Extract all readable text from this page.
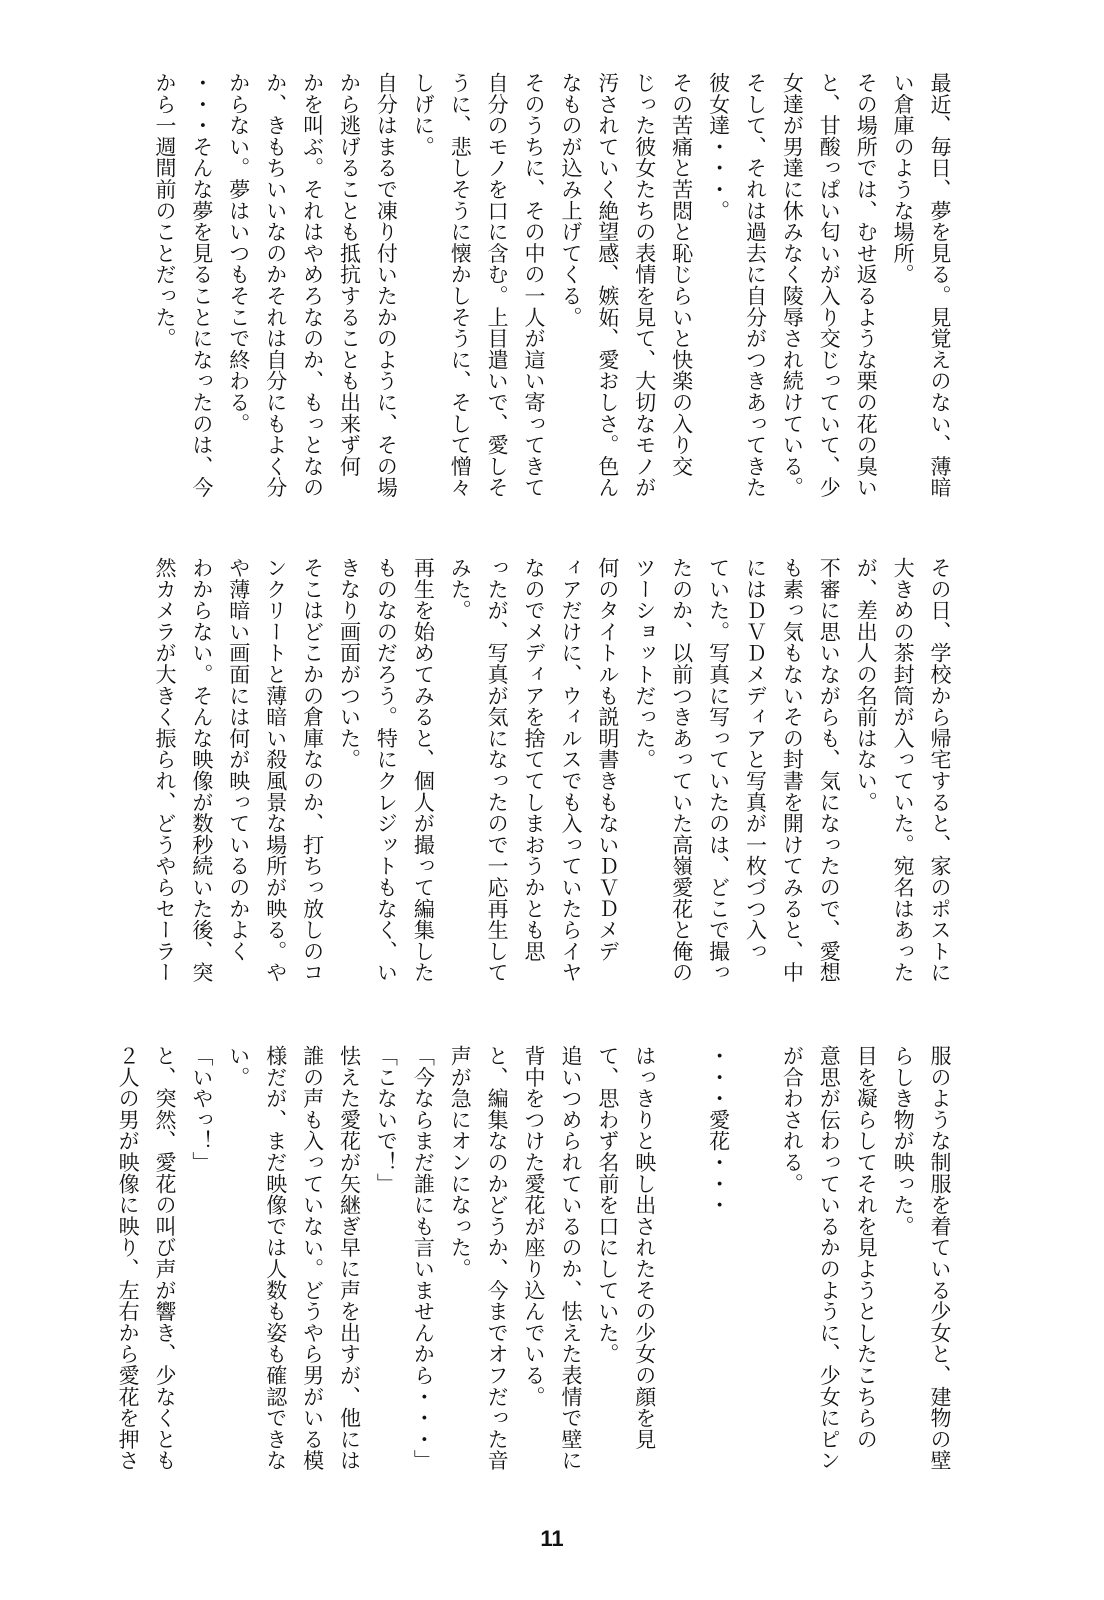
最近、毎日、夢を見る。見覚えのない、薄暗
い倉庫のような場所。
その場所では、むせ返るような栗の花の臭い
と、甘酸っぱい匂いが入り交じっていて、少
女達が男達に休みなく陵辱され続けている。
そして、それは過去に自分がつきあってきた
彼女達・・・。
その苦痛と苦悶と恥じらいと快楽の入り交
じった彼女たちの表情を見て、大切なモノが
汚されていく絶望感、嫉妬、愛おしさ。色ん
なものが込み上げてくる。
そのうちに、その中の一人が這い寄ってきて
自分のモノを口に含む。上目遣いで、愛しそ
うに、悲しそうに懐かしそうに、そして憎々
しげに。
自分はまるで凍り付いたかのように、その場
から逃げることも抵抗することも出来ず何
かを叫ぶ。それはやめろなのか、もっとなの
か、きもちいいなのかそれは自分にもよく分
からない。夢はいつもそこで終わる。
・・・そんな夢を見ることになったのは、今
から一週間前のことだった。
その日、学校から帰宅すると、家のポストに
大きめの茶封筒が入っていた。宛名はあった
が、差出人の名前はない。
不審に思いながらも、気になったので、愛想
も素っ気もないその封書を開けてみると、中
にはＤＶＤメディアと写真が一枚づつ入っ
ていた。写真に写っていたのは、どこで撮っ
たのか、以前つきあっていた高嶺愛花と俺の
ツーショットだった。
何のタイトルも説明書きもないＤＶＤメデ
ィアだけに、ウィルスでも入っていたらイヤ
なのでメディアを捨ててしまおうかとも思
ったが、写真が気になったので一応再生して
みた。
再生を始めてみると、個人が撮って編集した
ものなのだろう。特にクレジットもなく、い
きなり画面がついた。
そこはどこかの倉庫なのか、打ちっ放しのコ
ンクリートと薄暗い殺風景な場所が映る。や
や薄暗い画面には何が映っているのかよく
わからない。そんな映像が数秒続いた後、突
然カメラが大きく振られ、どうやらセーラー
服のような制服を着ている少女と、建物の壁
らしき物が映った。
目を凝らしてそれを見ようとしたこちらの
意思が伝わっているかのように、少女にピン
が合わされる。

・・・愛花・・・

はっきりと映し出されたその少女の顔を見
て、思わず名前を口にしていた。
追いつめられているのか、怯えた表情で壁に
背中をつけた愛花が座り込んでいる。
と、編集なのかどうか、今までオフだった音
声が急にオンになった。
「今ならまだ誰にも言いませんから・・・」
「こないで！」
怯えた愛花が矢継ぎ早に声を出すが、他には
誰の声も入っていない。どうやら男がいる模
様だが、まだ映像では人数も姿も確認できな
い。
「いやっ！」
と、突然、愛花の叫び声が響き、少なくとも
２人の男が映像に映り、左右から愛花を押さ
11
